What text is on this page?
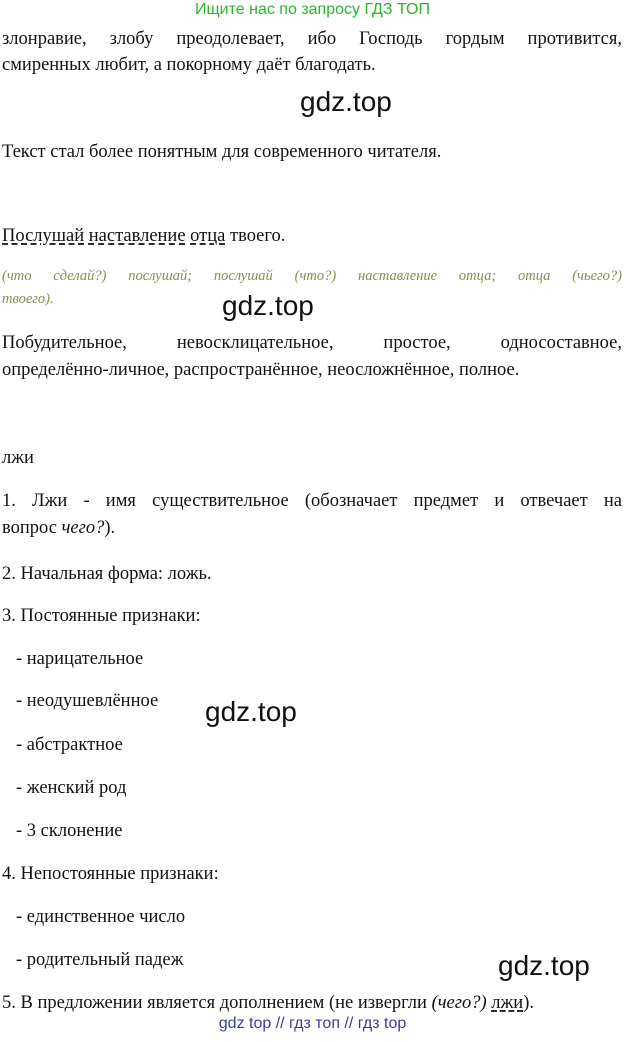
Ищите нас по запросу ГДЗ ТОП
злонравие, злобу преодолевает, ибо Господь гордым противится,
смиренных любит, а покорному даёт благодать.
gdz.top
Текст стал более понятным для современного читателя.
Послушай наставление отца твоего.
(что сделай?) послушай; послушай (что?) наставление отца; отца (чьего?)
твоего).	gdz.top
Побудительное, невосклицательное, простое, односоставное,
определённо-личное, распространённое, неосложнённое, полное.
лжи
1. Лжи - имя существительное (обозначает предмет и отвечает на
вопрос чего?).
2. Начальная форма: ложь.
3. Постоянные признаки:
- нарицательное
- неодушевлённое	gdz.top
- абстрактное
- женский род
- 3 склонение
4. Непостоянные признаки:
- единственное число
- родительный падеж	gdz.top
5. В предложении является дополнением (не извергли (чего?) лжи).
gdz top // гдз топ // гдз top
